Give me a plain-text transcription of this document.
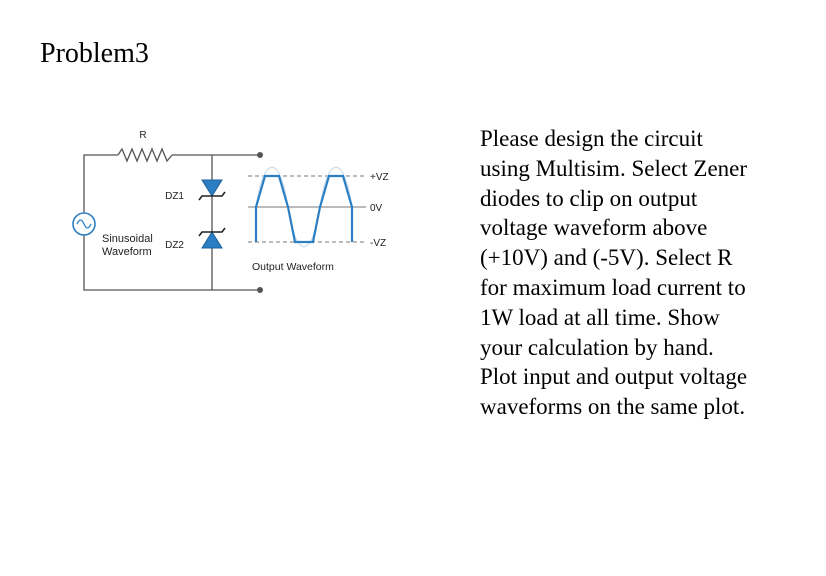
Problem3
R
Sinusoidal
Waveform
DZ1
DZ2
+VZ
0V
-VZ
Output Waveform

Please design the circuit
using Multisim. Select Zener
diodes to clip on output
voltage waveform above
(+10V) and (-5V). Select R
for maximum load current to
1W load at all time. Show
your calculation by hand.
Plot input and output voltage
waveforms on the same plot.
